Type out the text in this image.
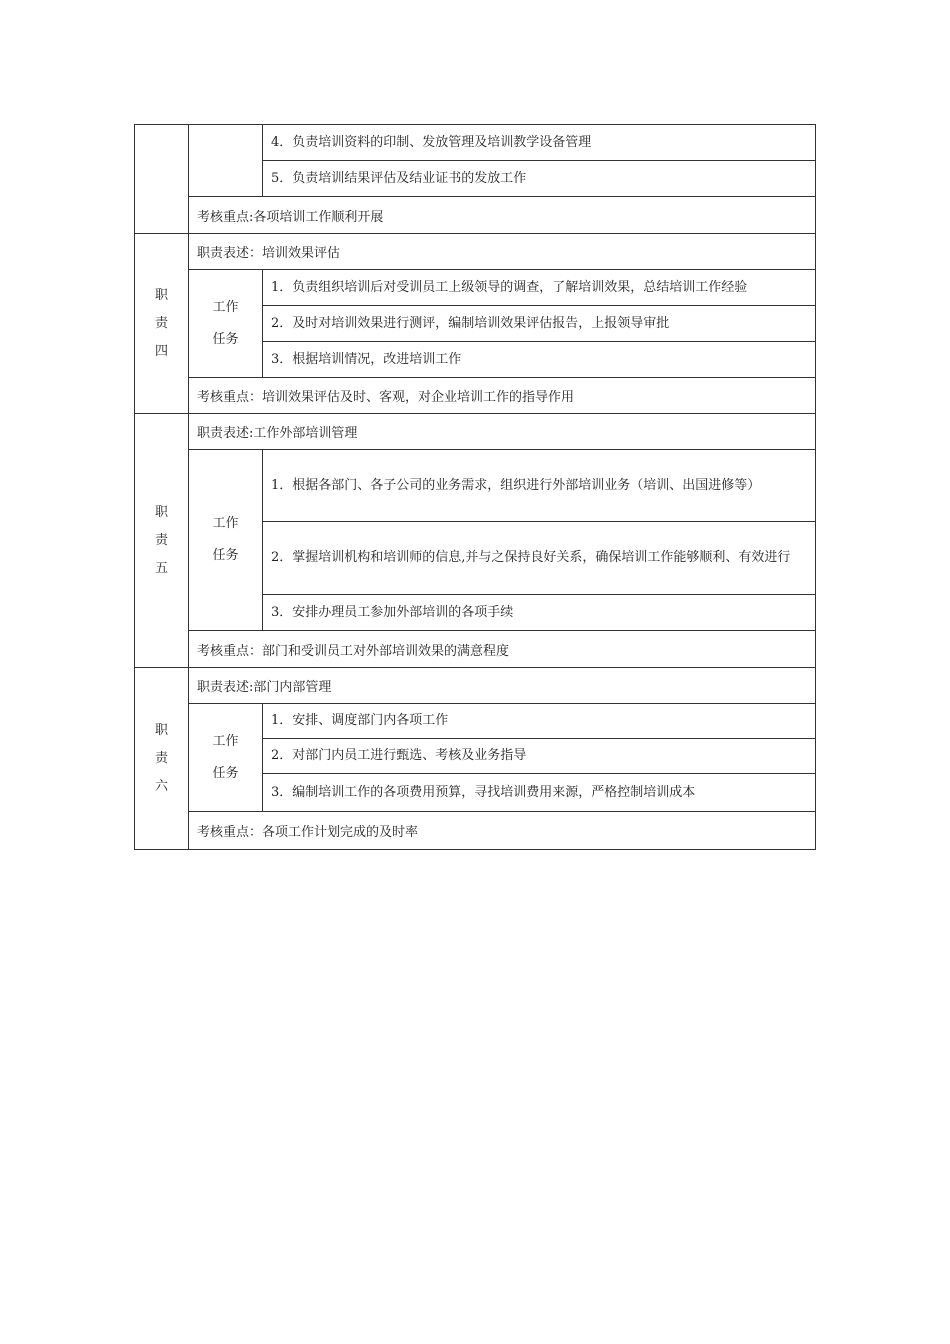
		4．负责培训资料的印制、发放管理及培训教学设备管理
		5．负责培训结果评估及结业证书的发放工作
	考核重点:各项培训工作顺利开展	

职
责
四	职责表述：培训效果评估	

	工作
任务	1．负责组织培训后对受训员工上级领导的调查，了解培训效果，总结培训工作经验
		2．及时对培训效果进行测评，编制培训效果评估报告，上报领导审批
		3．根据培训情况，改进培训工作
	考核重点：培训效果评估及时、客观，对企业培训工作的指导作用	

职
责
五	职责表述:工作外部培训管理	

	工作
任务	1．根据各部门、各子公司的业务需求，组织进行外部培训业务（培训、出国进修等）
		2．掌握培训机构和培训师的信息,并与之保持良好关系，确保培训工作能够顺利、有效进行
		3．安排办理员工参加外部培训的各项手续
	考核重点：部门和受训员工对外部培训效果的满意程度	

职
责
六	职责表述:部门内部管理	

	工作
任务	1．安排、调度部门内各项工作
		2．对部门内员工进行甄选、考核及业务指导
		3．编制培训工作的各项费用预算，寻找培训费用来源，严格控制培训成本
	考核重点：各项工作计划完成的及时率	
